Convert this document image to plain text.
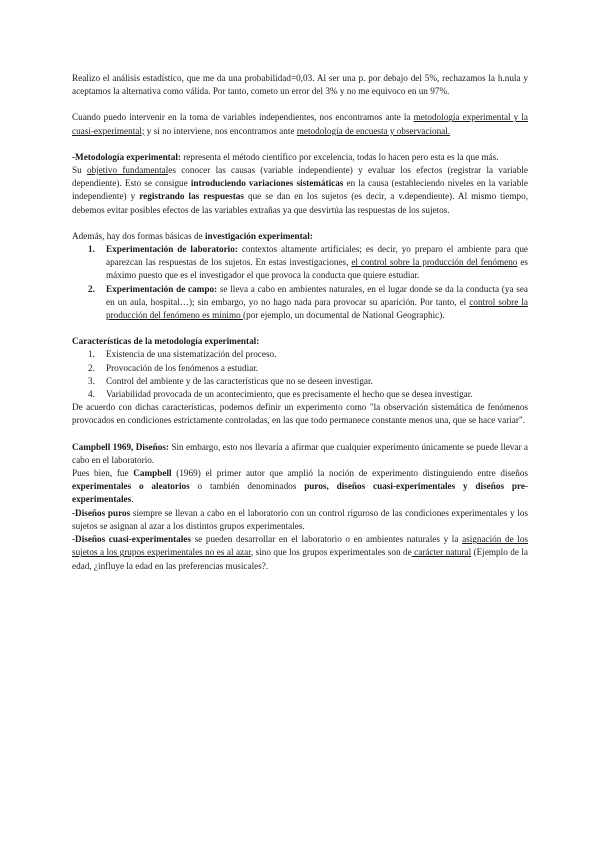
Realizo el análisis estadístico, que me da una probabilidad=0,03. Al ser una p. por debajo del 5%, rechazamos la h.nula y aceptamos la alternativa como válida. Por tanto, cometo un error del 3% y no me equivoco en un 97%.

Cuando puedo intervenir en la toma de variables independientes, nos encontramos ante la metodología experimental y la cuasi-experimental; y si no interviene, nos encontramos ante metodología de encuesta y observacional.

-Metodología experimental: representa el método científico por excelencia, todas lo hacen pero esta es la que más.

Su objetivo fundamentales conocer las causas (variable independiente) y evaluar los efectos (registrar la variable dependiente). Esto se consigue introduciendo variaciones sistemáticas en la causa (estableciendo niveles en la variable independiente) y registrando las respuestas que se dan en los sujetos (es decir, a v.dependiente). Al mismo tiempo, debemos evitar posibles efectos de las variables extrañas ya que desvirtúa las respuestas de los sujetos.

Además, hay dos formas básicas de investigación experimental:

1.	Experimentación de laboratorio: contextos altamente artificiales; es decir, yo preparo el ambiente para que aparezcan las respuestas de los sujetos. En estas investigaciones, el control sobre la producción del fenómeno es máximo puesto que es el investigador el que provoca la conducta que quiere estudiar.
2.	Experimentación de campo: se lleva a cabo en ambientes naturales, en el lugar donde se da la conducta (ya sea en un aula, hospital…); sin embargo, yo no hago nada para provocar su aparición. Por tanto, el control sobre la producción del fenómeno es mínimo (por ejemplo, un documental de National Geographic).

Características de la metodología experimental:

1.	Existencia de una sistematización del proceso.
2.	Provocación de los fenómenos a estudiar.
3.	Control del ambiente y de las características que no se deseen investigar.
4.	Variabilidad provocada de un acontecimiento, que es precisamente el hecho que se desea investigar.

De acuerdo con dichas características, podemos definir un experimento como "la observación sistemática de fenómenos provocados en condiciones estrictamente controladas, en las que todo permanece constante menos una, que se hace variar".

Campbell 1969, Diseños: Sin embargo, esto nos llevaría a afirmar que cualquier experimento únicamente se puede llevar a cabo en el laboratorio.

Pues bien, fue Campbell (1969) el primer autor que amplió la noción de experimento distinguiendo entre diseños experimentales o aleatorios o también denominados puros, diseños cuasi-experimentales y diseños pre-experimentales.

-Diseños puros siempre se llevan a cabo en el laboratorio con un control riguroso de las condiciones experimentales y los sujetos se asignan al azar a los distintos grupos experimentales.

-Diseños cuasi-experimentales se pueden desarrollar en el laboratorio o en ambientes naturales y la asignación de los sujetos a los grupos experimentales no es al azar, sino que los grupos experimentales son de carácter natural (Ejemplo de la edad, ¿influye la edad en las preferencias musicales?.
